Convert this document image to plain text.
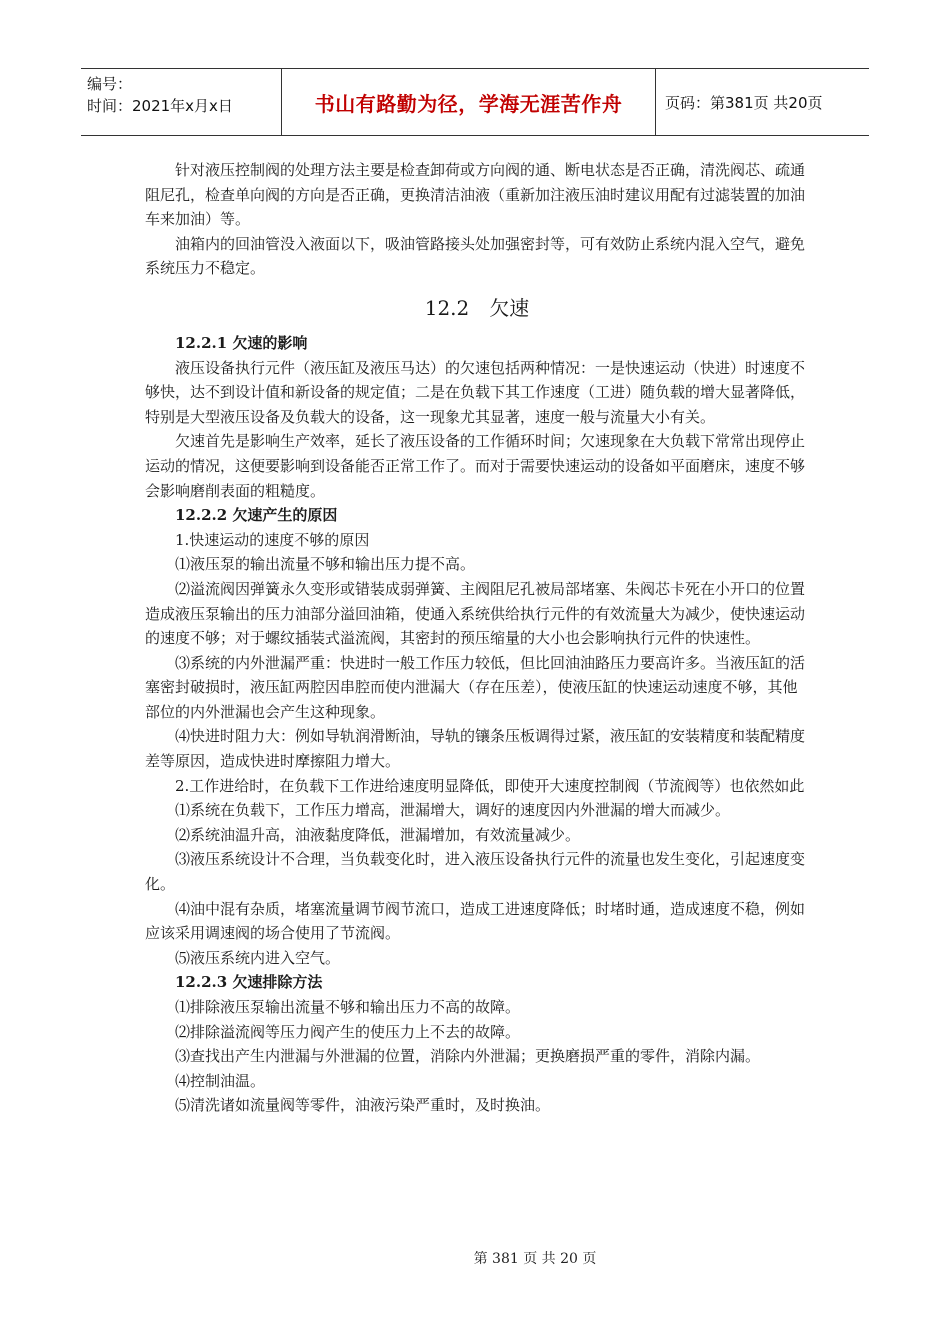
编号：
时间：2021年x月x日	书山有路勤为径，学海无涯苦作舟	页码：第381页 共20页

针对液压控制阀的处理方法主要是检查卸荷或方向阀的通、断电状态是否正确，清洗阀芯、疏通阻尼孔，检查单向阀的方向是否正确，更换清洁油液（重新加注液压油时建议用配有过滤装置的加油车来加油）等。

油箱内的回油管没入液面以下，吸油管路接头处加强密封等，可有效防止系统内混入空气，避免系统压力不稳定。

12.2　欠速

12.2.1 欠速的影响

液压设备执行元件（液压缸及液压马达）的欠速包括两种情况：一是快速运动（快进）时速度不够快，达不到设计值和新设备的规定值；二是在负载下其工作速度（工进）随负载的增大显著降低，特别是大型液压设备及负载大的设备，这一现象尤其显著，速度一般与流量大小有关。

欠速首先是影响生产效率，延长了液压设备的工作循环时间；欠速现象在大负载下常常出现停止运动的情况，这便要影响到设备能否正常工作了。而对于需要快速运动的设备如平面磨床，速度不够会影响磨削表面的粗糙度。

12.2.2 欠速产生的原因

1.快速运动的速度不够的原因

⑴液压泵的输出流量不够和输出压力提不高。

⑵溢流阀因弹簧永久变形或错装成弱弹簧、主阀阻尼孔被局部堵塞、朱阀芯卡死在小开口的位置造成液压泵输出的压力油部分溢回油箱，使通入系统供给执行元件的有效流量大为减少，使快速运动的速度不够；对于螺纹插装式溢流阀，其密封的预压缩量的大小也会影响执行元件的快速性。

⑶系统的内外泄漏严重：快进时一般工作压力较低，但比回油油路压力要高许多。当液压缸的活塞密封破损时，液压缸两腔因串腔而使内泄漏大（存在压差），使液压缸的快速运动速度不够，其他部位的内外泄漏也会产生这种现象。

⑷快进时阻力大：例如导轨润滑断油，导轨的镶条压板调得过紧，液压缸的安装精度和装配精度差等原因，造成快进时摩擦阻力增大。

2.工作进给时，在负载下工作进给速度明显降低，即使开大速度控制阀（节流阀等）也依然如此

⑴系统在负载下，工作压力增高，泄漏增大，调好的速度因内外泄漏的增大而减少。

⑵系统油温升高，油液黏度降低，泄漏增加，有效流量减少。

⑶液压系统设计不合理，当负载变化时，进入液压设备执行元件的流量也发生变化，引起速度变化。

⑷油中混有杂质，堵塞流量调节阀节流口，造成工进速度降低；时堵时通，造成速度不稳，例如应该采用调速阀的场合使用了节流阀。

⑸液压系统内进入空气。

12.2.3 欠速排除方法

⑴排除液压泵输出流量不够和输出压力不高的故障。

⑵排除溢流阀等压力阀产生的使压力上不去的故障。

⑶查找出产生内泄漏与外泄漏的位置，消除内外泄漏；更换磨损严重的零件，消除内漏。

⑷控制油温。

⑸清洗诸如流量阀等零件，油液污染严重时，及时换油。

第 381 页 共 20 页
